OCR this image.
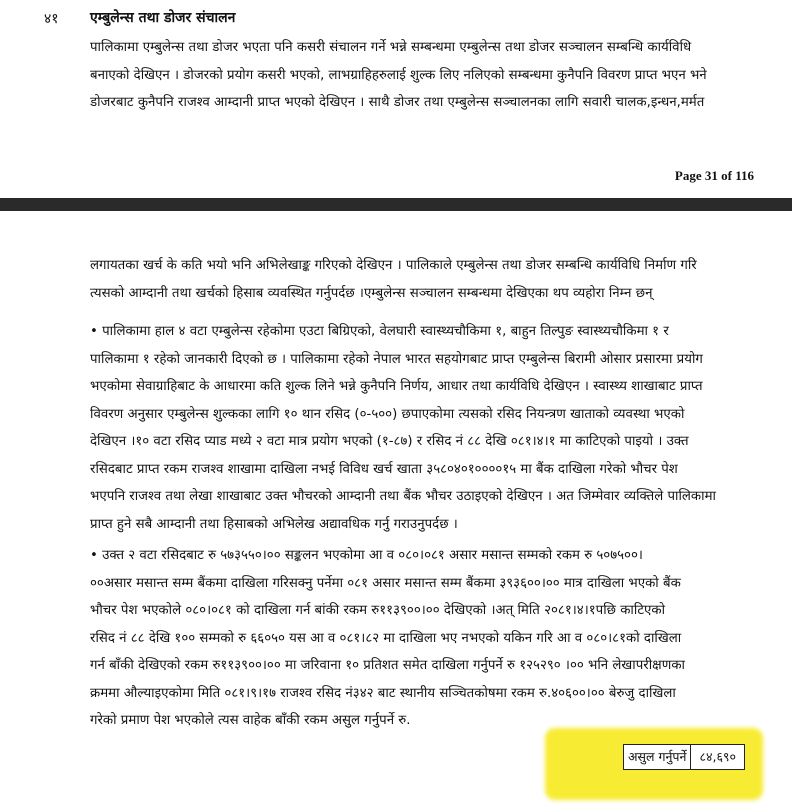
४१ एम्बुलेन्स तथा डोजर संचालन
पालिकामा एम्बुलेन्स तथा डोजर भएता पनि कसरी संचालन गर्ने भन्ने सम्बन्धमा एम्बुलेन्स तथा डोजर सञ्चालन सम्बन्धि कार्यविधि
बनाएको देखिएन । डोजरको प्रयोग कसरी भएको, लाभग्राहिहरुलाई शुल्क लिए नलिएको सम्बन्धमा कुनैपनि विवरण प्राप्त भएन भने
डोजरबाट कुनैपनि राजश्व आम्दानी प्राप्त भएको देखिएन । साथै डोजर तथा एम्बुलेन्स सञ्चालनका लागि सवारी चालक,इन्धन,मर्मत
Page 31 of 116
लगायतका खर्च के कति भयो भनि अभिलेखाङ्क गरिएको देखिएन । पालिकाले एम्बुलेन्स तथा डोजर सम्बन्धि कार्यविधि निर्माण गरि
त्यसको आम्दानी तथा खर्चको हिसाब व्यवस्थित गर्नुपर्दछ ।एम्बुलेन्स सञ्चालन सम्बन्धमा देखिएका थप व्यहोरा निम्न छन्
• पालिकामा हाल ४ वटा एम्बुलेन्स रहेकोमा एउटा बिग्रिएको, वेलघारी स्वास्थ्यचौकिमा १, बाहुन तिल्पुङ स्वास्थ्यचौकिमा १ र
पालिकामा १ रहेको जानकारी दिएको छ । पालिकामा रहेको नेपाल भारत सहयोगबाट प्राप्त एम्बुलेन्स बिरामी ओसार प्रसारमा प्रयोग
भएकोमा सेवाग्राहिबाट के आधारमा कति शुल्क लिने भन्ने कुनैपनि निर्णय, आधार तथा कार्यविधि देखिएन । स्वास्थ्य शाखाबाट प्राप्त
विवरण अनुसार एम्बुलेन्स शुल्कका लागि १० थान रसिद (०-५००) छपाएकोमा त्यसको रसिद नियन्त्रण खाताको व्यवस्था भएको
देखिएन ।१० वटा रसिद प्याड मध्ये २ वटा मात्र प्रयोग भएको (१-८७) र रसिद नं ८८ देखि ०८१।४।१ मा काटिएको पाइयो । उक्त
रसिदबाट प्राप्त रकम राजश्व शाखामा दाखिला नभई विविध खर्च खाता ३५८०४०१००००१५ मा बैंक दाखिला गरेको भौचर पेश
भएपनि राजश्व तथा लेखा शाखाबाट उक्त भौचरको आम्दानी तथा बैंक भौचर उठाइएको देखिएन । अत जिम्मेवार व्यक्तिले पालिकामा
प्राप्त हुने सबै आम्दानी तथा हिसाबको अभिलेख अद्यावधिक गर्नु गराउनुपर्दछ ।
• उक्त २ वटा रसिदबाट रु ५७३५५०।०० सङ्कलन भएकोमा आ व ०८०।०८१ असार मसान्त सम्मको रकम रु ५०७५००।
००असार मसान्त सम्म बैंकमा दाखिला गरिसक्नु पर्नेमा ०८१ असार मसान्त सम्म बैंकमा ३९३६००।०० मात्र दाखिला भएको बैंक
भौचर पेश भएकोले ०८०।०८१ को दाखिला गर्न बांकी रकम रु११३९००।०० देखिएको ।अत् मिति २०८१।४।१पछि काटिएको
रसिद नं ८८ देखि १०० सम्मको रु ६६०५० यस आ व ०८१।८२ मा दाखिला भए नभएको यकिन गरि आ व ०८०।८१को दाखिला
गर्न बाँकी देखिएको रकम रु११३९००।०० मा जरिवाना १० प्रतिशत समेत दाखिला गर्नुपर्ने रु १२५२९० ।०० भनि लेखापरीक्षणका
क्रममा औल्याइएकोमा मिति ०८१।९।१७ राजश्व रसिद नं३४२ बाट स्थानीय सञ्चितकोषमा रकम रु.४०६००।०० बेरुजु दाखिला
गरेको प्रमाण पेश भएकोले त्यस वाहेक बाँकी रकम असुल गर्नुपर्ने रु.
असुल गर्नुपर्ने	८४,६९०
